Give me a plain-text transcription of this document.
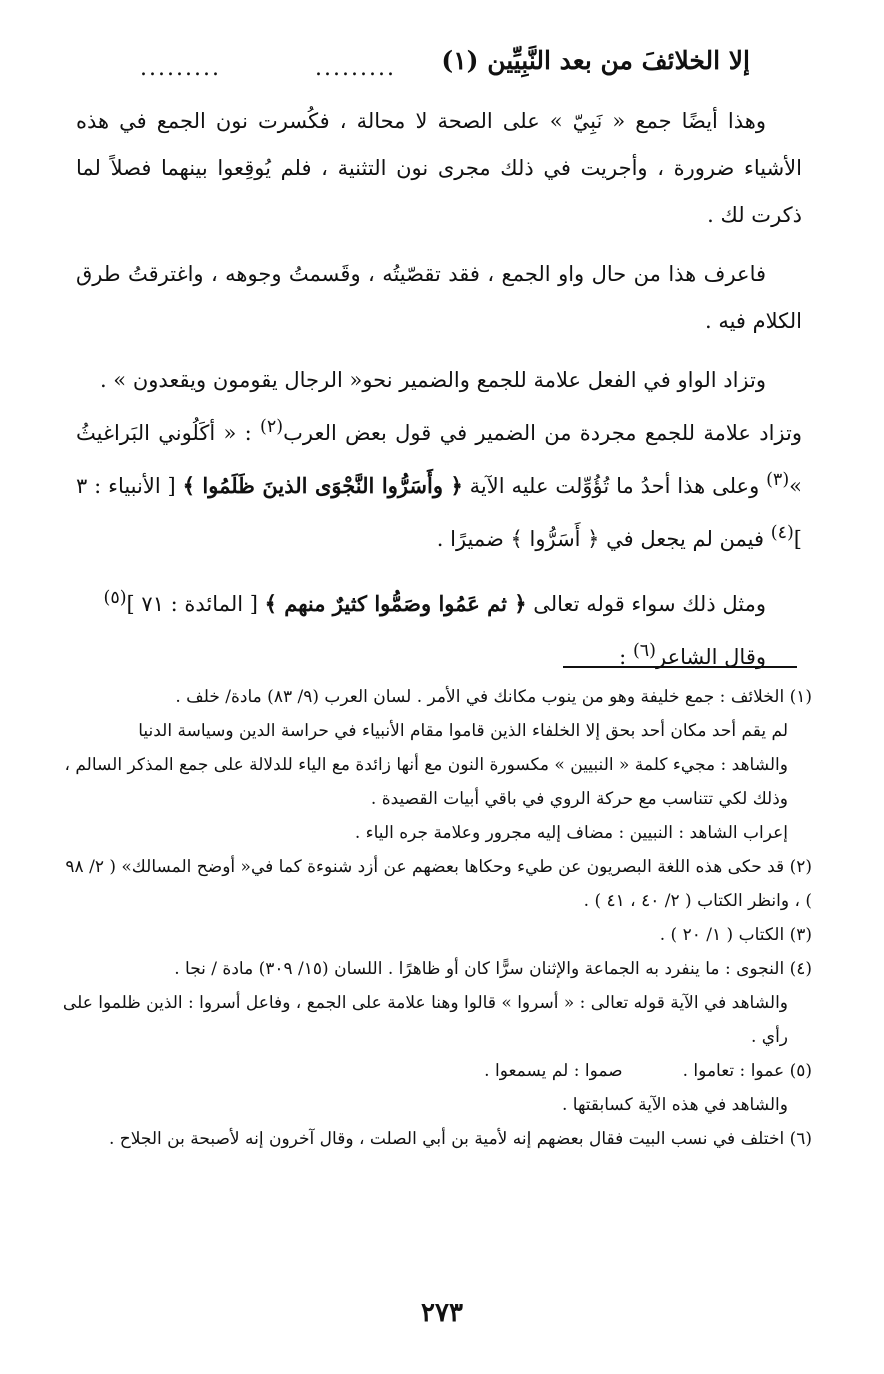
.........	......... إلا الخلائفَ من بعد النَّبِيِّين (١)

وهذا أيضًا جمع « نَبِيّ » على الصحة لا محالة ، فكُسرت نون الجمع في هذه الأشياء ضرورة ، وأجريت في ذلك مجرى نون التثنية ، فلم يُوقِعوا بينهما فصلاً لما ذكرت لك .

فاعرف هذا من حال واو الجمع ، فقد تقصّيتُه ، وقَسمتُ وجوهه ، واغترقتُ طرق الكلام فيه .

وتزاد الواو في الفعل علامة للجمع والضمير نحو« الرجال يقومون ويقعدون » .
وتزاد علامة للجمع مجردة من الضمير في قول بعض العرب$^{(٢)}$ : « أكَلُوني البَراغيثُ »$^{(٣)}$ وعلى هذا أحدُ ما تُؤُوِّلت عليه الآية ﴿ وأَسَرُّوا النَّجْوَى الذينَ ظَلَمُوا ﴾ [ الأنبياء : ٣ ]$^{(٤)}$ فيمن لم يجعل في ﴿ أَسَرُّوا ﴾ ضميرًا .

ومثل ذلك سواء قوله تعالى ﴿ ثم عَمُوا وصَمُّوا كثيرٌ منهم ﴾ [ المائدة : ٧١ ]$^{(٥)}$

وقال الشاعر$^{(٦)}$ :

(١) الخلائف : جمع خليفة وهو من ينوب مكانك في الأمر . لسان العرب (٩/ ٨٣) مادة/ خلف .

لم يقم أحد مكان أحد بحق إلا الخلفاء الذين قاموا مقام الأنبياء في حراسة الدين وسياسة الدنيا

والشاهد : مجيء كلمة « النبيين » مكسورة النون مع أنها زائدة مع الياء للدلالة على جمع المذكر السالم ، وذلك لكي تتناسب مع حركة الروي في باقي أبيات القصيدة .

إعراب الشاهد : النبيين : مضاف إليه مجرور وعلامة جره الياء .

(٢) قد حكى هذه اللغة البصريون عن طيء وحكاها بعضهم عن أزد شنوءة كما في« أوضح المسالك» ( ٢/ ٩٨ ) ، وانظر الكتاب ( ٢/ ٤٠ ، ٤١ ) .

(٣) الكتاب ( ١/ ٢٠ ) .

(٤) النجوى : ما ينفرد به الجماعة والإثنان سرًّا كان أو ظاهرًا . اللسان (١٥/ ٣٠٩) مادة / نجا .

والشاهد في الآية قوله تعالى : « أسروا » قالوا وهنا علامة على الجمع ، وفاعل أسروا : الذين ظلموا على رأي .

(٥) عموا : تعاموا .
صموا : لم يسمعوا .

والشاهد في هذه الآية كسابقتها .

(٦) اختلف في نسب البيت فقال بعضهم إنه لأمية بن أبي الصلت ، وقال آخرون إنه لأصبحة بن الجلاح .

٢٧٣
